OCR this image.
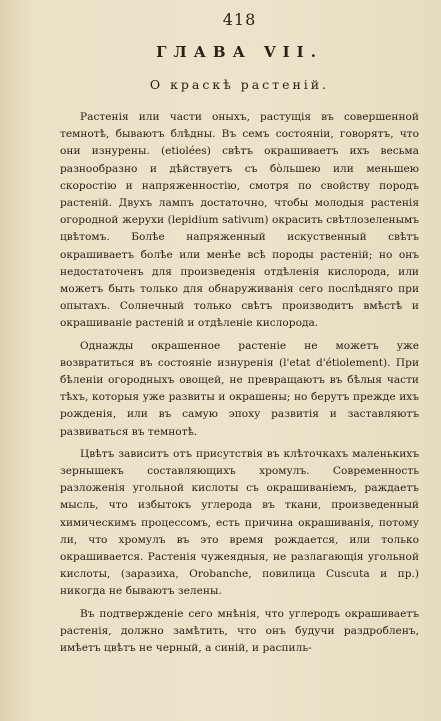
418
ГЛАВА VII.
О краскѣ растеній.

Растенія или части оныхъ, растущія въ совершенной темнотѣ, бываютъ блѣдны. Въ семъ состояніи, говорятъ, что они изнурены. (etiolées) свѣтъ окрашиваетъ ихъ весьма разнообразно и дѣйствуетъ съ бо̀льшею или меньшею скоростію и напряженностію, смотря по свойству породъ растеній. Двухъ лампъ достаточно, чтобы молодыя растенія огородной жерухи (lepidium sativum) окрасить свѣтлозеленымъ цвѣтомъ. Болѣе напряженный искуственный свѣтъ окрашиваетъ болѣе или менѣе всѣ породы растеній; но онъ недостаточенъ для произведенія отдѣленія кислорода, или можетъ быть только для обнаруживанія сего послѣдняго при опытахъ. Солнечный только свѣтъ производитъ вмѣстѣ и окрашиваніе растеній и отдѣленіе кислорода.

Однажды окрашенное растеніе не можетъ уже возвратиться въ состояніе изнуренія (l'etat d'étiolement). При бѣленіи огородныхъ овощей, не превращаютъ въ бѣлыя части тѣхъ, которыя уже развиты и окрашены; но берутъ прежде ихъ рожденія, или въ самую эпоху развитія и заставляютъ развиваться въ темнотѣ.

Цвѣтъ зависитъ отъ присутствія въ клѣточкахъ маленькихъ зернышекъ составляющихъ хромулъ. Современность разложенія угольной кислоты съ окрашиваніемъ, раждаетъ мысль, что избытокъ углерода въ ткани, произведенный химическимъ процессомъ, есть причина окрашиванія, потому ли, что хромулъ въ это время рождается, или только окрашивается. Растенія чужеядныя, не разлагающія угольной кислоты, (заразиха, Orobanche, повилица Cuscuta и пр.) никогда не бываютъ зелены.

Въ подтвержденіе сего мнѣнія, что углеродъ окрашиваетъ растенія, должно замѣтить, что онъ будучи раздробленъ, имѣетъ цвѣтъ не черный, а синій, и распиль-
